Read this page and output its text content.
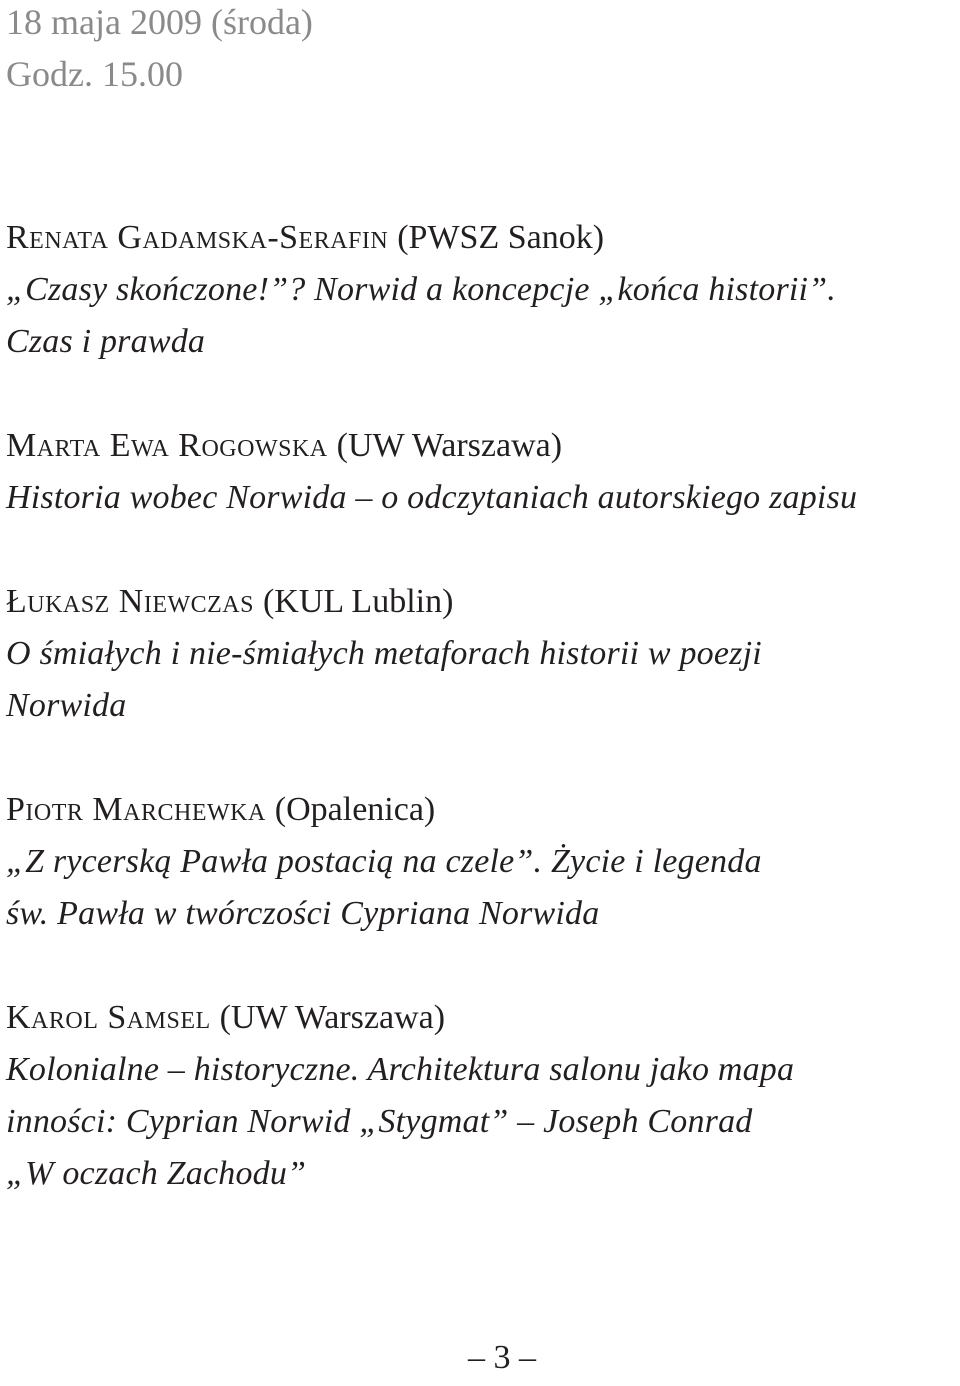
18 maja 2009 (środa)
Godz. 15.00
Renata Gadamska-Serafin (PWSZ Sanok)
„Czasy skończone!”? Norwid a koncepcje „końca historii”.
Czas i prawda
Marta Ewa Rogowska (UW Warszawa)
Historia wobec Norwida – o odczytaniach autorskiego zapisu
Łukasz Niewczas (KUL Lublin)
O śmiałych i nie-śmiałych metaforach historii w poezji
Norwida
Piotr Marchewka (Opalenica)
„Z rycerską Pawła postacią na czele”. Życie i legenda
św. Pawła w twórczości Cypriana Norwida
Karol Samsel (UW Warszawa)
Kolonialne – historyczne. Architektura salonu jako mapa
inności: Cyprian Norwid „Stygmat” – Joseph Conrad
„W oczach Zachodu”
– 3 –
